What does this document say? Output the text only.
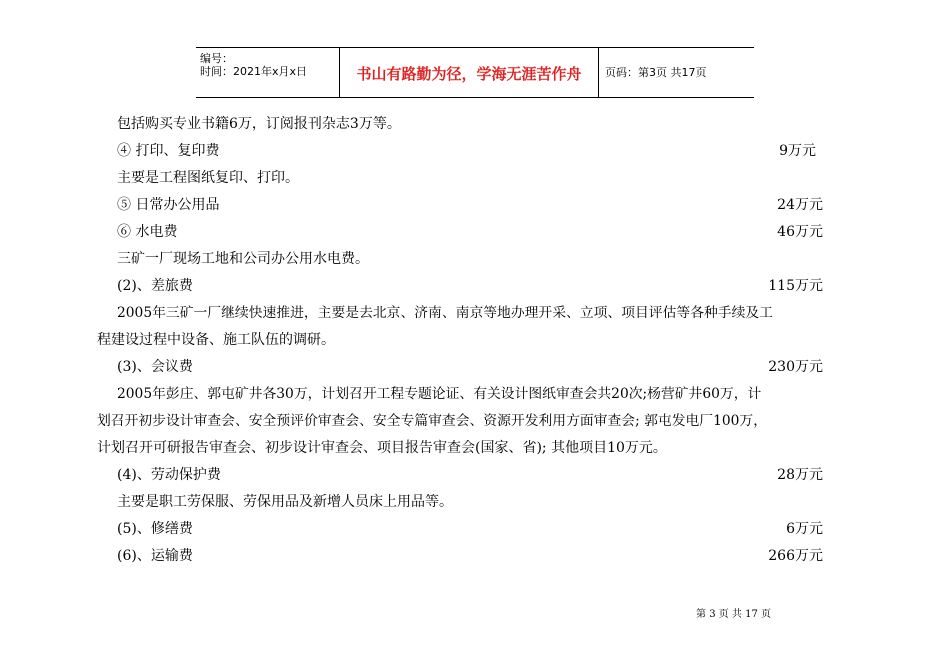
编号：
时间：2021年x月x日	书山有路勤为径，学海无涯苦作舟	页码：第3页 共17页
包括购买专业书籍6万，订阅报刊杂志3万等。
④ 打印、复印费	9万元
主要是工程图纸复印、打印。
⑤ 日常办公用品	24万元
⑥ 水电费	46万元
三矿一厂现场工地和公司办公用水电费。
(2)、差旅费	115万元
2005年三矿一厂继续快速推进，主要是去北京、济南、南京等地办理开采、立项、项目评估等各种手续及工
程建设过程中设备、施工队伍的调研。
(3)、会议费	230万元
2005年彭庄、郭屯矿井各30万，计划召开工程专题论证、有关设计图纸审查会共20次;杨营矿井60万，计
划召开初步设计审查会、安全预评价审查会、安全专篇审查会、资源开发利用方面审查会; 郭屯发电厂100万，
计划召开可研报告审查会、初步设计审查会、项目报告审查会(国家、省); 其他项目10万元。
(4)、劳动保护费	28万元
主要是职工劳保服、劳保用品及新增人员床上用品等。
(5)、修缮费	6万元
(6)、运输费	266万元
第 3 页 共 17 页
